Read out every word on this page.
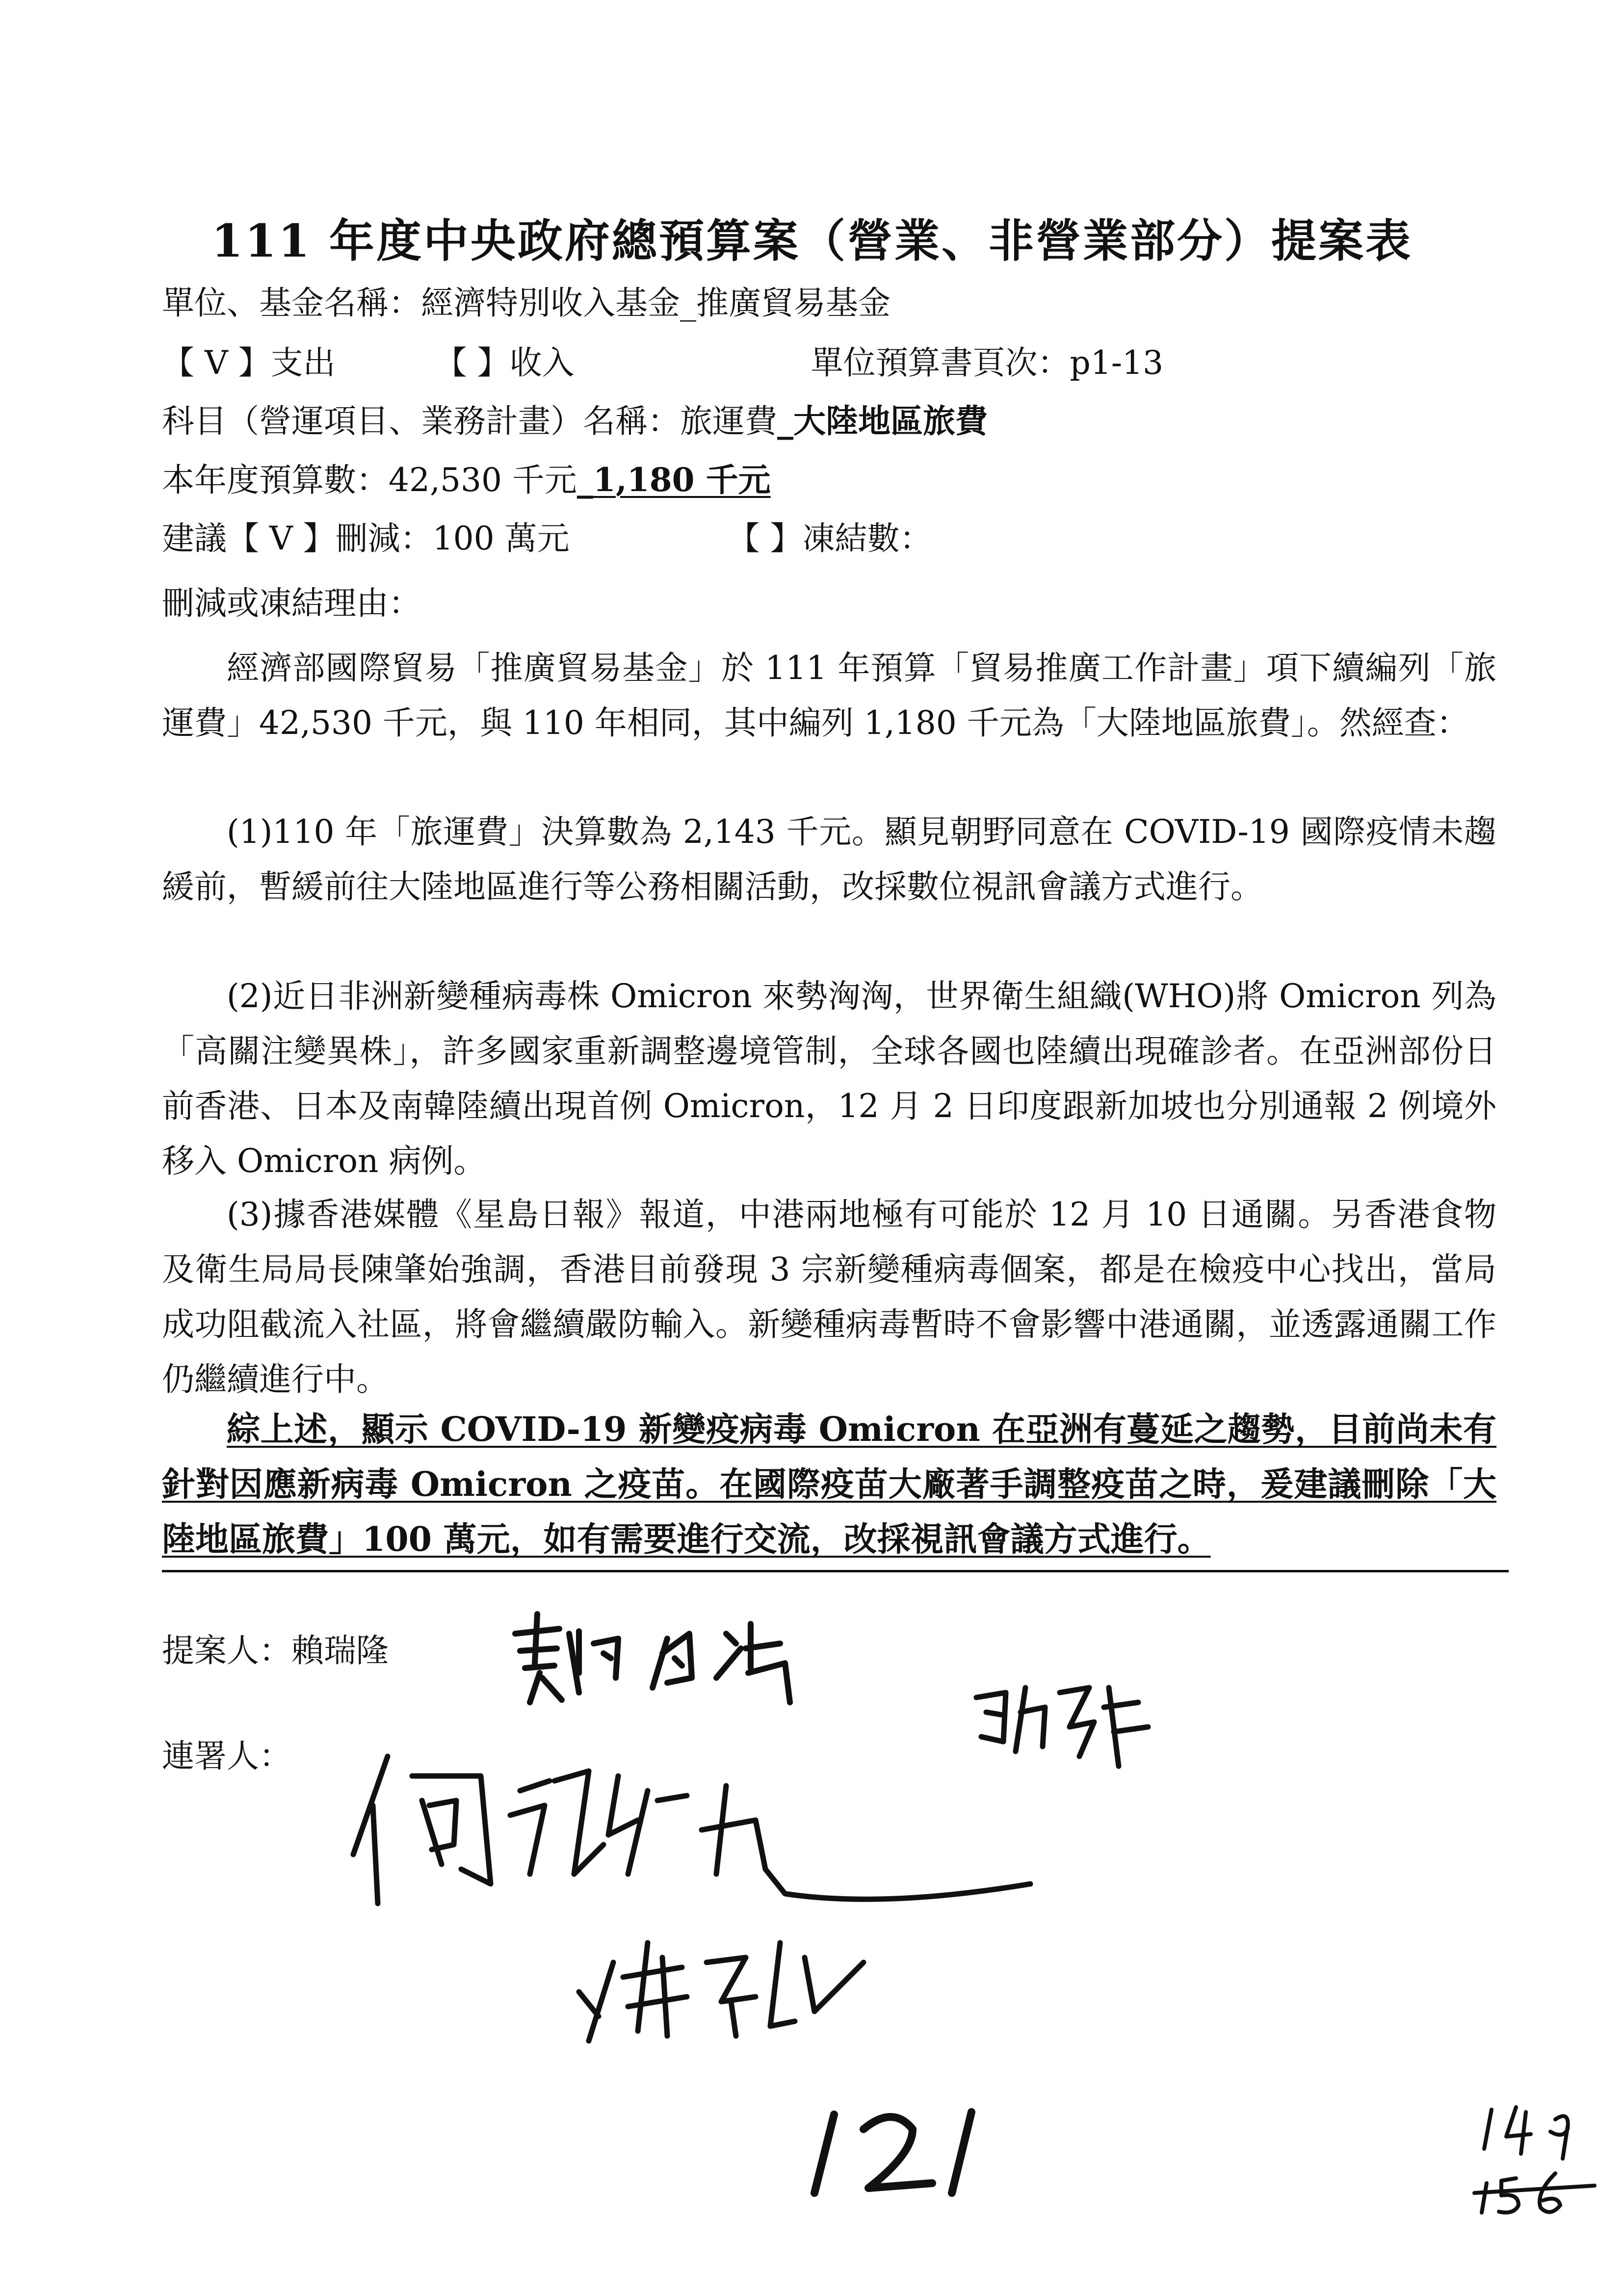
111 年度中央政府總預算案（營業、非營業部分）提案表
單位、基金名稱：經濟特別收入基金_推廣貿易基金
【 V 】支出	【 】收入	單位預算書頁次：p1-13
科目（營運項目、業務計畫）名稱：旅運費_大陸地區旅費
本年度預算數：42,530 千元_1,180 千元
建議【 V 】刪減：100 萬元	【 】凍結數：
刪減或凍結理由：

經濟部國際貿易「推廣貿易基金」於 111 年預算「貿易推廣工作計畫」項下續編列「旅運費」42,530 千元，與 110 年相同，其中編列 1,180 千元為「大陸地區旅費」。然經查：

(1)110 年「旅運費」決算數為 2,143 千元。顯見朝野同意在 COVID-19 國際疫情未趨緩前，暫緩前往大陸地區進行等公務相關活動，改採數位視訊會議方式進行。

(2)近日非洲新變種病毒株 Omicron 來勢洶洶，世界衛生組織(WHO)將 Omicron 列為「高關注變異株」，許多國家重新調整邊境管制，全球各國也陸續出現確診者。在亞洲部份日前香港、日本及南韓陸續出現首例 Omicron，12 月 2 日印度跟新加坡也分別通報 2 例境外移入 Omicron 病例。

(3)據香港媒體《星島日報》報道，中港兩地極有可能於 12 月 10 日通關。另香港食物及衛生局局長陳肇始強調，香港目前發現 3 宗新變種病毒個案，都是在檢疫中心找出，當局成功阻截流入社區，將會繼續嚴防輸入。新變種病毒暫時不會影響中港通關，並透露通關工作仍繼續進行中。

綜上述，顯示 COVID-19 新變疫病毒 Omicron 在亞洲有蔓延之趨勢，目前尚未有針對因應新病毒 Omicron 之疫苗。在國際疫苗大廠著手調整疫苗之時，爰建議刪除「大陸地區旅費」100 萬元，如有需要進行交流，改採視訊會議方式進行。

提案人：賴瑞隆
連署人：
